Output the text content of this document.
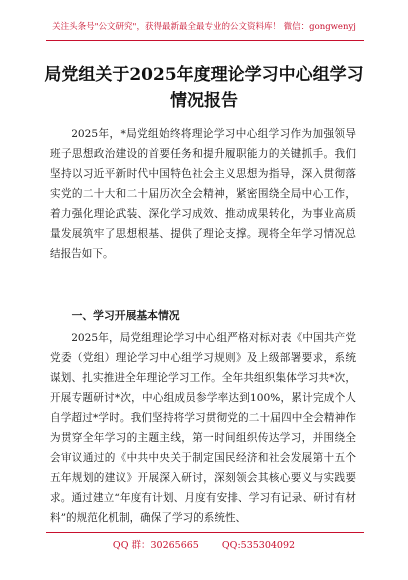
关注头条号"公文研究"，获得最新最全最专业的公文资料库！ 微信：gongwenyj
局党组关于2025年度理论学习中心组学习情况报告

2025年，*局党组始终将理论学习中心组学习作为加强领导班子思想政治建设的首要任务和提升履职能力的关键抓手。我们坚持以习近平新时代中国特色社会主义思想为指导，深入贯彻落实党的二十大和二十届历次全会精神，紧密围绕全局中心工作，着力强化理论武装、深化学习成效、推动成果转化，为事业高质量发展筑牢了思想根基、提供了理论支撑。现将全年学习情况总结报告如下。

一、学习开展基本情况

2025年，局党组理论学习中心组严格对标对表《中国共产党党委（党组）理论学习中心组学习规则》及上级部署要求，系统谋划、扎实推进全年理论学习工作。全年共组织集体学习共*次，开展专题研讨*次，中心组成员参学率达到100%，累计完成个人自学超过*学时。我们坚持将学习贯彻党的二十届四中全会精神作为贯穿全年学习的主题主线，第一时间组织传达学习，并围绕全会审议通过的《中共中央关于制定国民经济和社会发展第十五个五年规划的建议》开展深入研讨，深刻领会其核心要义与实践要求。通过建立“年度有计划、月度有安排、学习有记录、研讨有材料”的规范化机制，确保了学习的系统性、

QQ 群：30265665 QQ:535304092
